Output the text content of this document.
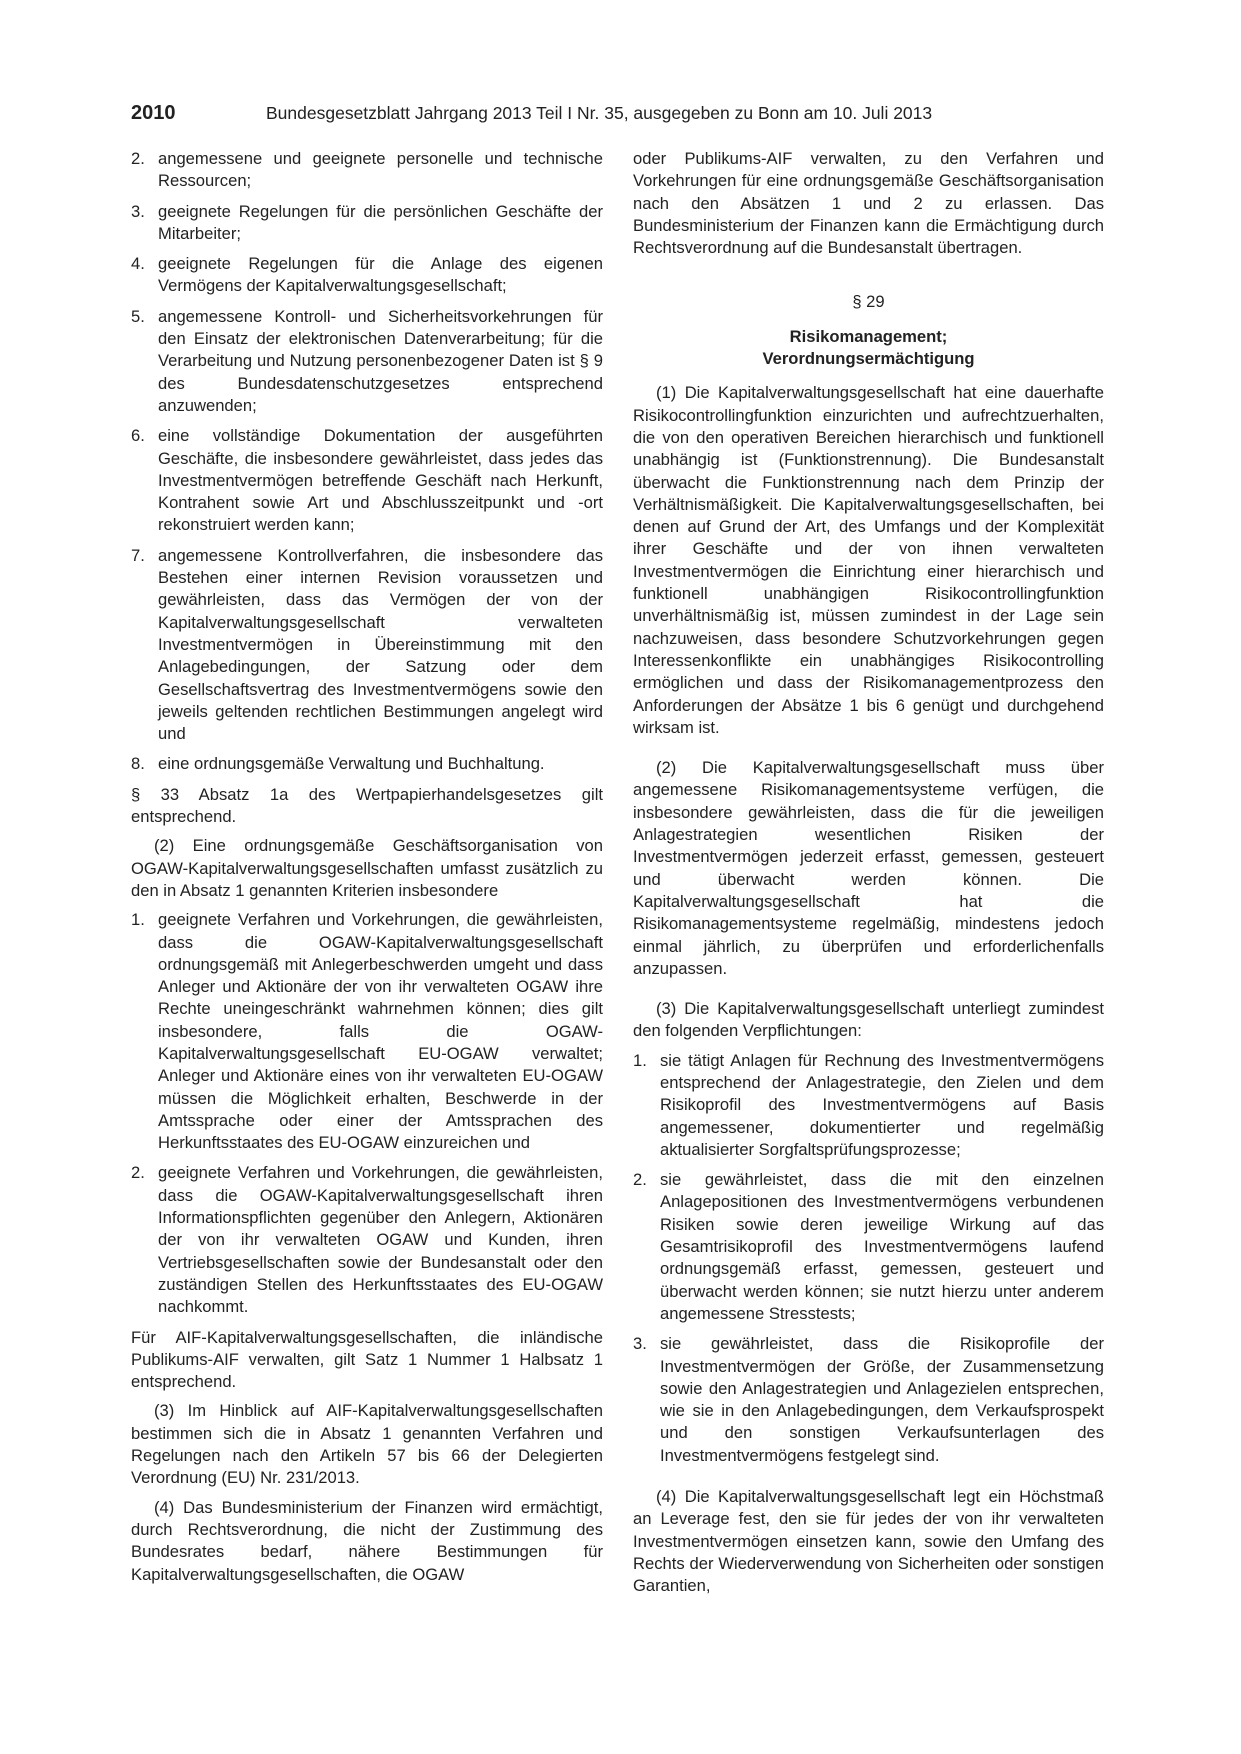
2010	Bundesgesetzblatt Jahrgang 2013 Teil I Nr. 35, ausgegeben zu Bonn am 10. Juli 2013
2. angemessene und geeignete personelle und technische Ressourcen;
3. geeignete Regelungen für die persönlichen Geschäfte der Mitarbeiter;
4. geeignete Regelungen für die Anlage des eigenen Vermögens der Kapitalverwaltungsgesellschaft;
5. angemessene Kontroll- und Sicherheitsvorkehrungen für den Einsatz der elektronischen Datenverarbeitung; für die Verarbeitung und Nutzung personenbezogener Daten ist § 9 des Bundesdatenschutzgesetzes entsprechend anzuwenden;
6. eine vollständige Dokumentation der ausgeführten Geschäfte, die insbesondere gewährleistet, dass jedes das Investmentvermögen betreffende Geschäft nach Herkunft, Kontrahent sowie Art und Abschlusszeitpunkt und -ort rekonstruiert werden kann;
7. angemessene Kontrollverfahren, die insbesondere das Bestehen einer internen Revision voraussetzen und gewährleisten, dass das Vermögen der von der Kapitalverwaltungsgesellschaft verwalteten Investmentvermögen in Übereinstimmung mit den Anlagebedingungen, der Satzung oder dem Gesellschaftsvertrag des Investmentvermögens sowie den jeweils geltenden rechtlichen Bestimmungen angelegt wird und
8. eine ordnungsgemäße Verwaltung und Buchhaltung.

§ 33 Absatz 1a des Wertpapierhandelsgesetzes gilt entsprechend.

(2) Eine ordnungsgemäße Geschäftsorganisation von OGAW-Kapitalverwaltungsgesellschaften umfasst zusätzlich zu den in Absatz 1 genannten Kriterien insbesondere

1. geeignete Verfahren und Vorkehrungen, die gewährleisten, dass die OGAW-Kapitalverwaltungsgesellschaft ordnungsgemäß mit Anlegerbeschwerden umgeht und dass Anleger und Aktionäre der von ihr verwalteten OGAW ihre Rechte uneingeschränkt wahrnehmen können; dies gilt insbesondere, falls die OGAW-Kapitalverwaltungsgesellschaft EU-OGAW verwaltet; Anleger und Aktionäre eines von ihr verwalteten EU-OGAW müssen die Möglichkeit erhalten, Beschwerde in der Amtssprache oder einer der Amtssprachen des Herkunftsstaates des EU-OGAW einzureichen und
2. geeignete Verfahren und Vorkehrungen, die gewährleisten, dass die OGAW-Kapitalverwaltungsgesellschaft ihren Informationspflichten gegenüber den Anlegern, Aktionären der von ihr verwalteten OGAW und Kunden, ihren Vertriebsgesellschaften sowie der Bundesanstalt oder den zuständigen Stellen des Herkunftsstaates des EU-OGAW nachkommt.

Für AIF-Kapitalverwaltungsgesellschaften, die inländische Publikums-AIF verwalten, gilt Satz 1 Nummer 1 Halbsatz 1 entsprechend.

(3) Im Hinblick auf AIF-Kapitalverwaltungsgesellschaften bestimmen sich die in Absatz 1 genannten Verfahren und Regelungen nach den Artikeln 57 bis 66 der Delegierten Verordnung (EU) Nr. 231/2013.

(4) Das Bundesministerium der Finanzen wird ermächtigt, durch Rechtsverordnung, die nicht der Zustimmung des Bundesrates bedarf, nähere Bestimmungen für Kapitalverwaltungsgesellschaften, die OGAW

oder Publikums-AIF verwalten, zu den Verfahren und Vorkehrungen für eine ordnungsgemäße Geschäftsorganisation nach den Absätzen 1 und 2 zu erlassen. Das Bundesministerium der Finanzen kann die Ermächtigung durch Rechtsverordnung auf die Bundesanstalt übertragen.

§ 29
Risikomanagement;
Verordnungsermächtigung

(1) Die Kapitalverwaltungsgesellschaft hat eine dauerhafte Risikocontrollingfunktion einzurichten und aufrechtzuerhalten, die von den operativen Bereichen hierarchisch und funktionell unabhängig ist (Funktionstrennung). Die Bundesanstalt überwacht die Funktionstrennung nach dem Prinzip der Verhältnismäßigkeit. Die Kapitalverwaltungsgesellschaften, bei denen auf Grund der Art, des Umfangs und der Komplexität ihrer Geschäfte und der von ihnen verwalteten Investmentvermögen die Einrichtung einer hierarchisch und funktionell unabhängigen Risikocontrollingfunktion unverhältnismäßig ist, müssen zumindest in der Lage sein nachzuweisen, dass besondere Schutzvorkehrungen gegen Interessenkonflikte ein unabhängiges Risikocontrolling ermöglichen und dass der Risikomanagementprozess den Anforderungen der Absätze 1 bis 6 genügt und durchgehend wirksam ist.

(2) Die Kapitalverwaltungsgesellschaft muss über angemessene Risikomanagementsysteme verfügen, die insbesondere gewährleisten, dass die für die jeweiligen Anlagestrategien wesentlichen Risiken der Investmentvermögen jederzeit erfasst, gemessen, gesteuert und überwacht werden können. Die Kapitalverwaltungsgesellschaft hat die Risikomanagementsysteme regelmäßig, mindestens jedoch einmal jährlich, zu überprüfen und erforderlichenfalls anzupassen.

(3) Die Kapitalverwaltungsgesellschaft unterliegt zumindest den folgenden Verpflichtungen:

1. sie tätigt Anlagen für Rechnung des Investmentvermögens entsprechend der Anlagestrategie, den Zielen und dem Risikoprofil des Investmentvermögens auf Basis angemessener, dokumentierter und regelmäßig aktualisierter Sorgfaltsprüfungsprozesse;
2. sie gewährleistet, dass die mit den einzelnen Anlagepositionen des Investmentvermögens verbundenen Risiken sowie deren jeweilige Wirkung auf das Gesamtrisikoprofil des Investmentvermögens laufend ordnungsgemäß erfasst, gemessen, gesteuert und überwacht werden können; sie nutzt hierzu unter anderem angemessene Stresstests;
3. sie gewährleistet, dass die Risikoprofile der Investmentvermögen der Größe, der Zusammensetzung sowie den Anlagestrategien und Anlagezielen entsprechen, wie sie in den Anlagebedingungen, dem Verkaufsprospekt und den sonstigen Verkaufsunterlagen des Investmentvermögens festgelegt sind.

(4) Die Kapitalverwaltungsgesellschaft legt ein Höchstmaß an Leverage fest, den sie für jedes der von ihr verwalteten Investmentvermögen einsetzen kann, sowie den Umfang des Rechts der Wiederverwendung von Sicherheiten oder sonstigen Garantien,
